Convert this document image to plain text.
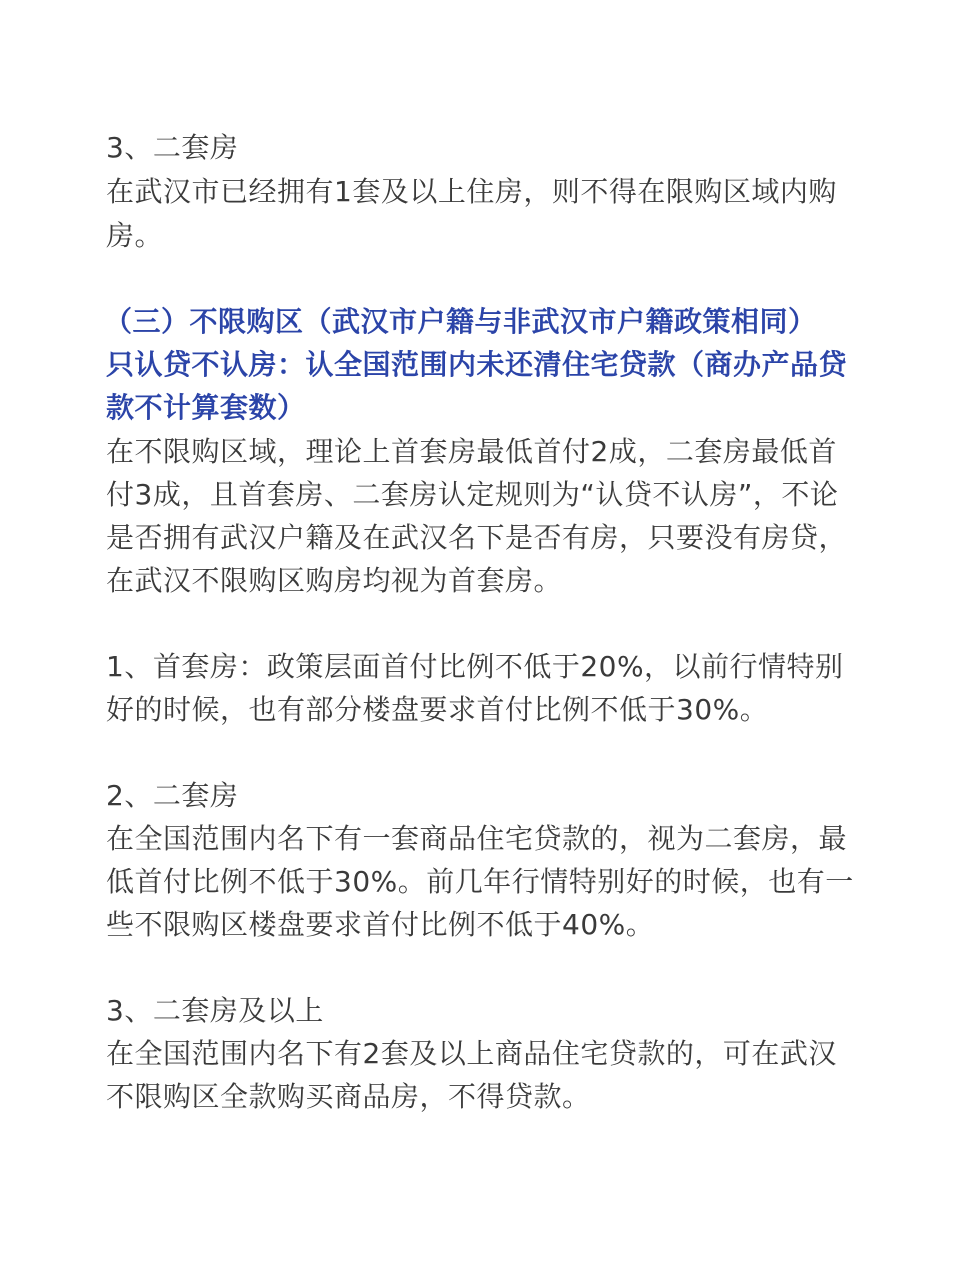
3、二套房
在武汉市已经拥有1套及以上住房，则不得在限购区域内购
房。
（三）不限购区（武汉市户籍与非武汉市户籍政策相同）
只认贷不认房：认全国范围内未还清住宅贷款（商办产品贷
款不计算套数）
在不限购区域，理论上首套房最低首付2成，二套房最低首
付3成，且首套房、二套房认定规则为“认贷不认房”，不论
是否拥有武汉户籍及在武汉名下是否有房，只要没有房贷，
在武汉不限购区购房均视为首套房。
1、首套房：政策层面首付比例不低于20%，以前行情特别
好的时候，也有部分楼盘要求首付比例不低于30%。
2、二套房
在全国范围内名下有一套商品住宅贷款的，视为二套房，最
低首付比例不低于30%。前几年行情特别好的时候，也有一
些不限购区楼盘要求首付比例不低于40%。
3、二套房及以上
在全国范围内名下有2套及以上商品住宅贷款的，可在武汉
不限购区全款购买商品房，不得贷款。
